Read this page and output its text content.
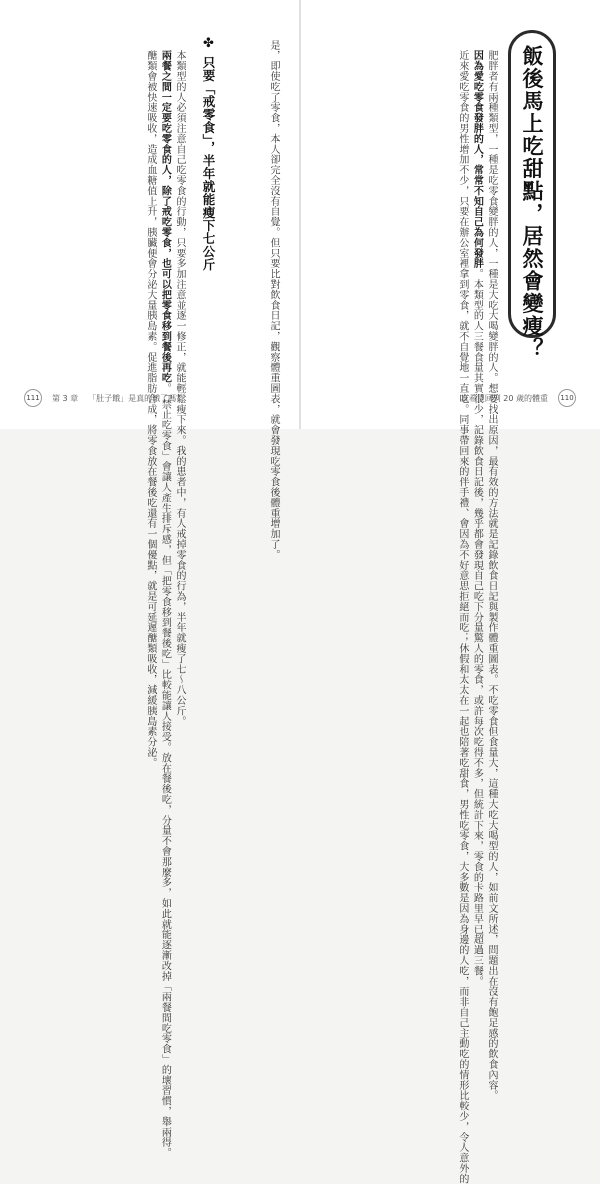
飯後馬上吃甜點，居然會變瘦？

　肥胖者有兩種類型，一種是吃零食變胖的人，一種是大吃大喝變胖的人。想要找出原因，最有效的方法就是記錄飲食日記與製作體重圖表。不吃零食但食量大，這種大吃大喝型的人，如前文所述，問題出在沒有飽足感的飲食內容。

　因為愛吃零食發胖的人，常常不知自己為何發胖。本類型的人三餐食量其實很少，記錄飲食日記後，幾乎都會發現自己吃下分量驚人的零食，或許每次吃得不多，但統計下來，零食的卡路里早已超過三餐。

　近來愛吃零食的男性增加不少，只要在辦公室裡拿到零食，就不自覺地一直吃。同事帶回來的伴手禮、會因為不好意思拒絕而吃；休假和太太在一起也陪著吃甜食，男性吃零食，大多數是因為身邊的人吃，而非自己主動吃的情形比較少，令人意外的

是，即使吃了零食，本人卻完全沒有自覺。但只要比對飲食日記，觀察體重圖表，就會發現吃零食後體重增加了。

✤
只要「戒零食」，半年就能瘦下七公斤

　本類型的人必須注意自己吃零食的行動，只要多加注意並逐一修正，就能輕鬆瘦下來。我的患者中，有人戒掉零食的行為，半年就瘦了七～八公斤。

　兩餐之間一定要吃零食的人，除了戒吃零食，也可以把零食移到餐後再吃。「禁止吃零食」會讓人產生排斥感，但「把零食移到餐後吃」比較能讓人接受。放在餐後吃，分量不會那麼多，如此就能逐漸改掉「兩餐間吃零食」的壞習慣，舉兩得。

　醣類會被快速吸收，造成血糖值上升，胰臟便會分泌大量胰島素。促進脂肪合成，將零食放在餐後吃還有一個優點，就是可延遲醣類吸收，減緩胰島素分泌。

111 第 3 章 「肚子餓」是真的餓了嗎？	真希望回到 20 歲的體重	110
